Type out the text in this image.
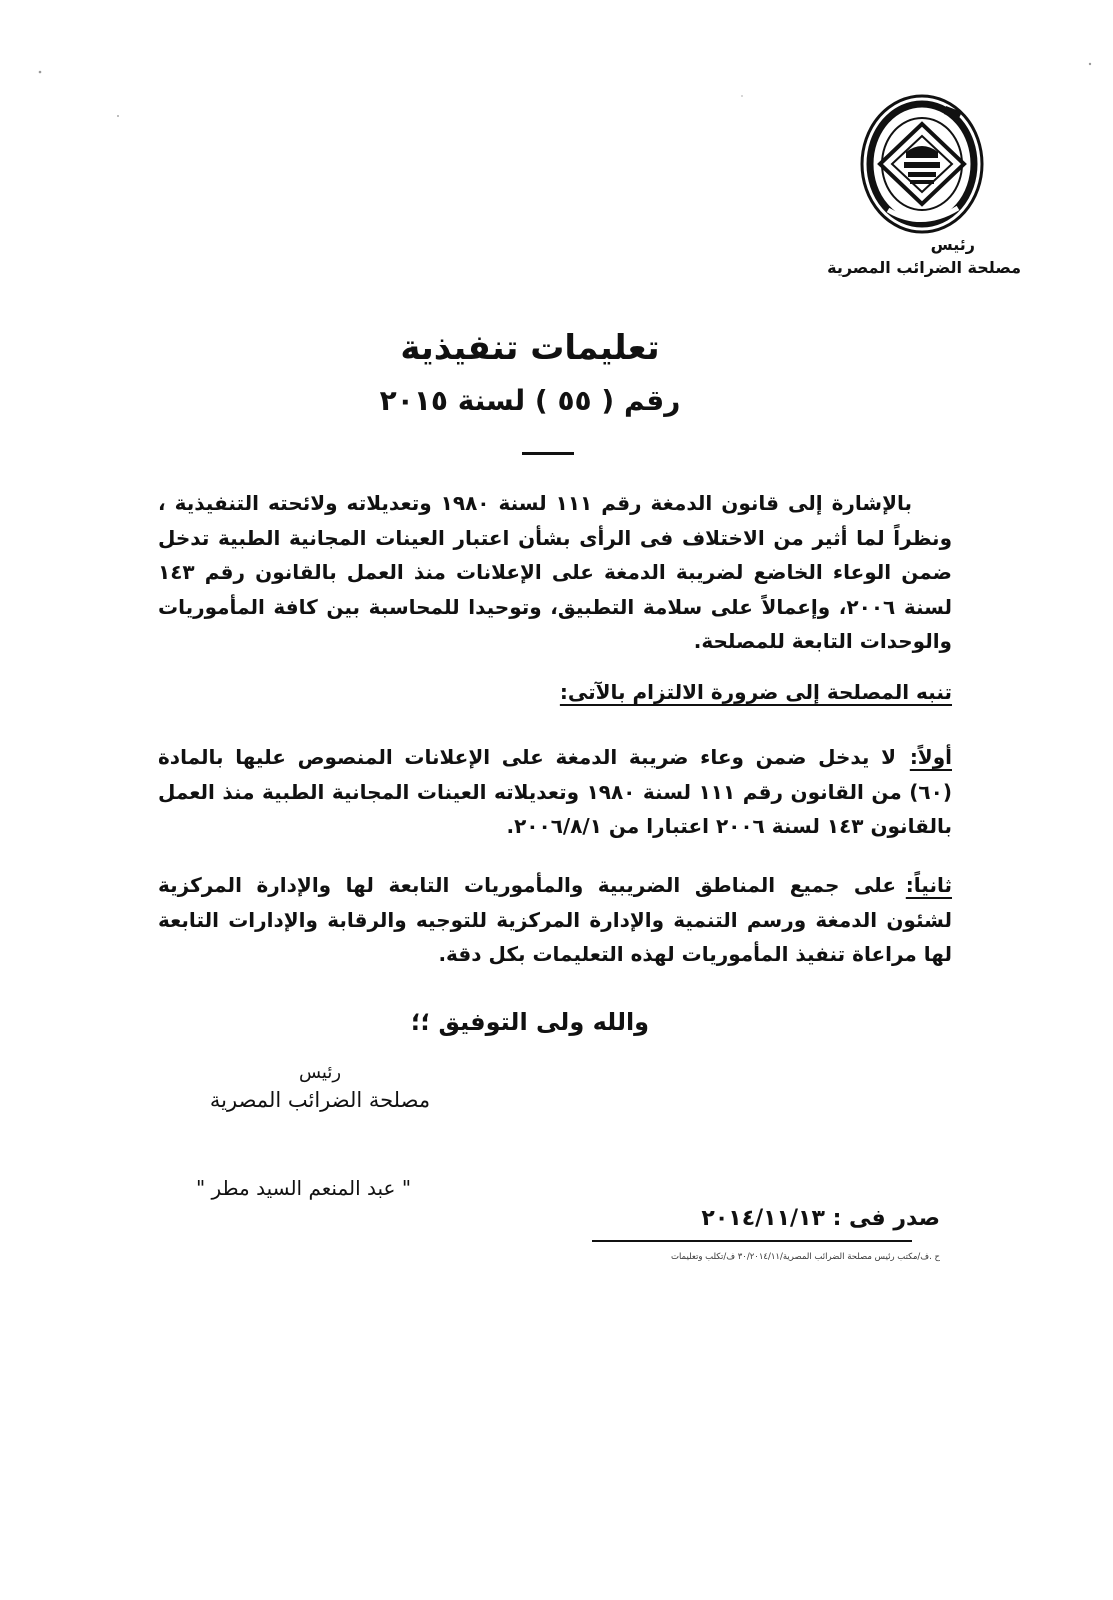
رئيس
مصلحة الضرائب المصرية
تعليمات تنفيذية
رقم ( ٥٥ ) لسنة ٢٠١٥
بالإشارة إلى قانون الدمغة رقم ١١١ لسنة ١٩٨٠ وتعديلاته ولائحته التنفيذية ، ونظراً لما أثير من الاختلاف فى الرأى بشأن اعتبار العينات المجانية الطبية تدخل ضمن الوعاء الخاضع لضريبة الدمغة على الإعلانات منذ العمل بالقانون رقم ١٤٣ لسنة ٢٠٠٦، وإعمالاً على سلامة التطبيق، وتوحيدا للمحاسبة بين كافة المأموريات والوحدات التابعة للمصلحة.
تنبه المصلحة إلى ضرورة الالتزام بالآتى:
أولاً:
لا يدخل ضمن وعاء ضريبة الدمغة على الإعلانات المنصوص عليها بالمادة (٦٠) من القانون رقم ١١١ لسنة ١٩٨٠ وتعديلاته العينات المجانية الطبية منذ العمل بالقانون ١٤٣ لسنة ٢٠٠٦ اعتبارا من ٢٠٠٦/٨/١.
ثانياً:
على جميع المناطق الضريبية والمأموريات التابعة لها والإدارة المركزية لشئون الدمغة ورسم التنمية والإدارة المركزية للتوجيه والرقابة والإدارات التابعة لها مراعاة تنفيذ المأموريات لهذه التعليمات بكل دقة.
والله ولى التوفيق ؛؛
رئيس
مصلحة الضرائب المصرية
" عبد المنعم السيد مطر "
صدر فى : ٢٠١٤/١١/١٣
ح .ف/مكتب رئيس مصلحة الضرائب المصرية/٣٠/٢٠١٤/١١ ف/تكلب وتعليمات
